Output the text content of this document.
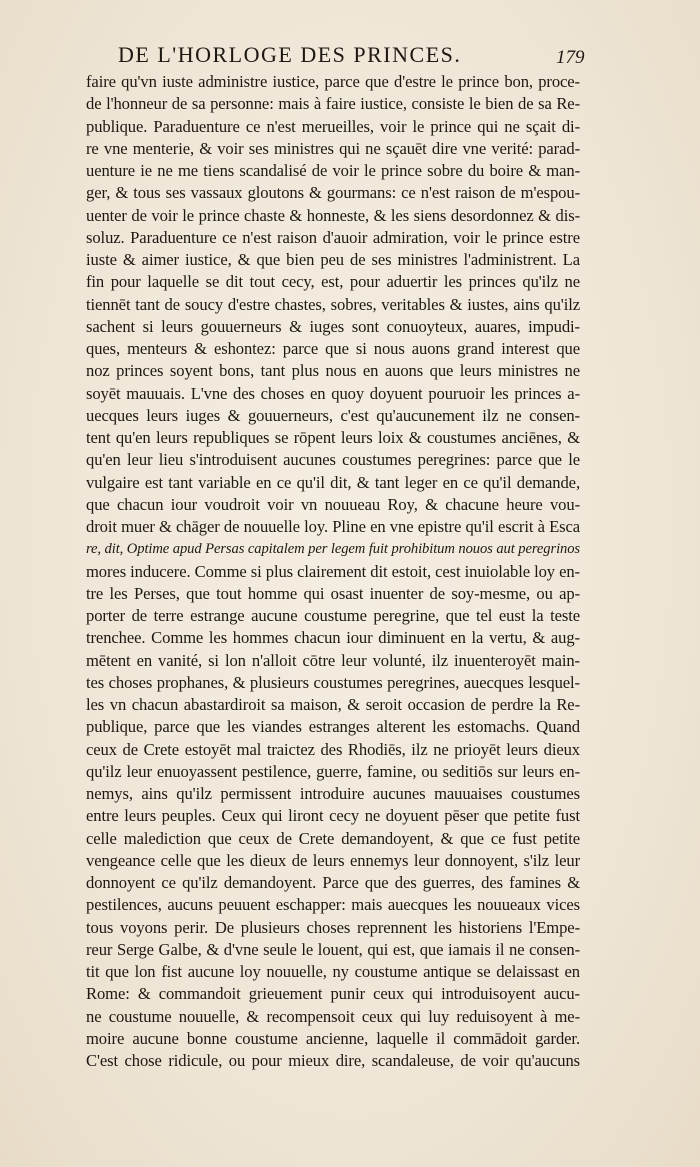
DE L'HORLOGE DES PRINCES.	179
faire qu'vn iuste administre iustice, parce que d'estre le prince bon, proce-
de l'honneur de sa personne: mais à faire iustice, consiste le bien de sa Re-
publique. Paraduenture ce n'est merueilles, voir le prince qui ne sçait di-
re vne menterie, & voir ses ministres qui ne sçauēt dire vne verité: parad-
uenture ie ne me tiens scandalisé de voir le prince sobre du boire & man-
ger, & tous ses vassaux gloutons & gourmans: ce n'est raison de m'espou-
uenter de voir le prince chaste & honneste, & les siens desordonnez & dis-
soluz. Paraduenture ce n'est raison d'auoir admiration, voir le prince estre
iuste & aimer iustice, & que bien peu de ses ministres l'administrent. La
fin pour laquelle se dit tout cecy, est, pour aduertir les princes qu'ilz ne
tiennēt tant de soucy d'estre chastes, sobres, veritables & iustes, ains qu'ilz
sachent si leurs gouuerneurs & iuges sont conuoyteux, auares, impudi-
ques, menteurs & eshontez: parce que si nous auons grand interest que
noz princes soyent bons, tant plus nous en auons que leurs ministres ne
soyēt mauuais. L'vne des choses en quoy doyuent pouruoir les princes a-
uecques leurs iuges & gouuerneurs, c'est qu'aucunement ilz ne consen-
tent qu'en leurs republiques se rōpent leurs loix & coustumes anciēnes, &
qu'en leur lieu s'introduisent aucunes coustumes peregrines: parce que le
vulgaire est tant variable en ce qu'il dit, & tant leger en ce qu'il demande,
que chacun iour voudroit voir vn nouueau Roy, & chacune heure vou-
droit muer & chāger de nouuelle loy. Pline en vne epistre qu'il escrit à Esca
re, dit, Optime apud Persas capitalem per legem fuit prohibitum nouos aut peregrinos
mores inducere. Comme si plus clairement dit estoit, cest inuiolable loy en-
tre les Perses, que tout homme qui osast inuenter de soy-mesme, ou ap-
porter de terre estrange aucune coustume peregrine, que tel eust la teste
trenchee. Comme les hommes chacun iour diminuent en la vertu, & aug-
mētent en vanité, si lon n'alloit cōtre leur volunté, ilz inuenteroyēt main-
tes choses prophanes, & plusieurs coustumes peregrines, auecques lesquel-
les vn chacun abastardiroit sa maison, & seroit occasion de perdre la Re-
publique, parce que les viandes estranges alterent les estomachs. Quand
ceux de Crete estoyēt mal traictez des Rhodiēs, ilz ne prioyēt leurs dieux
qu'ilz leur enuoyassent pestilence, guerre, famine, ou seditiōs sur leurs en-
nemys, ains qu'ilz permissent introduire aucunes mauuaises coustumes
entre leurs peuples. Ceux qui liront cecy ne doyuent pēser que petite fust
celle malediction que ceux de Crete demandoyent, & que ce fust petite
vengeance celle que les dieux de leurs ennemys leur donnoyent, s'ilz leur
donnoyent ce qu'ilz demandoyent. Parce que des guerres, des famines &
pestilences, aucuns peuuent eschapper: mais auecques les nouueaux vices
tous voyons perir. De plusieurs choses reprennent les historiens l'Empe-
reur Serge Galbe, & d'vne seule le louent, qui est, que iamais il ne consen-
tit que lon fist aucune loy nouuelle, ny coustume antique se delaissast en
Rome: & commandoit grieuement punir ceux qui introduisoyent aucu-
ne coustume nouuelle, & recompensoit ceux qui luy reduisoyent à me-
moire aucune bonne coustume ancienne, laquelle il commādoit garder.
C'est chose ridicule, ou pour mieux dire, scandaleuse, de voir qu'aucuns
